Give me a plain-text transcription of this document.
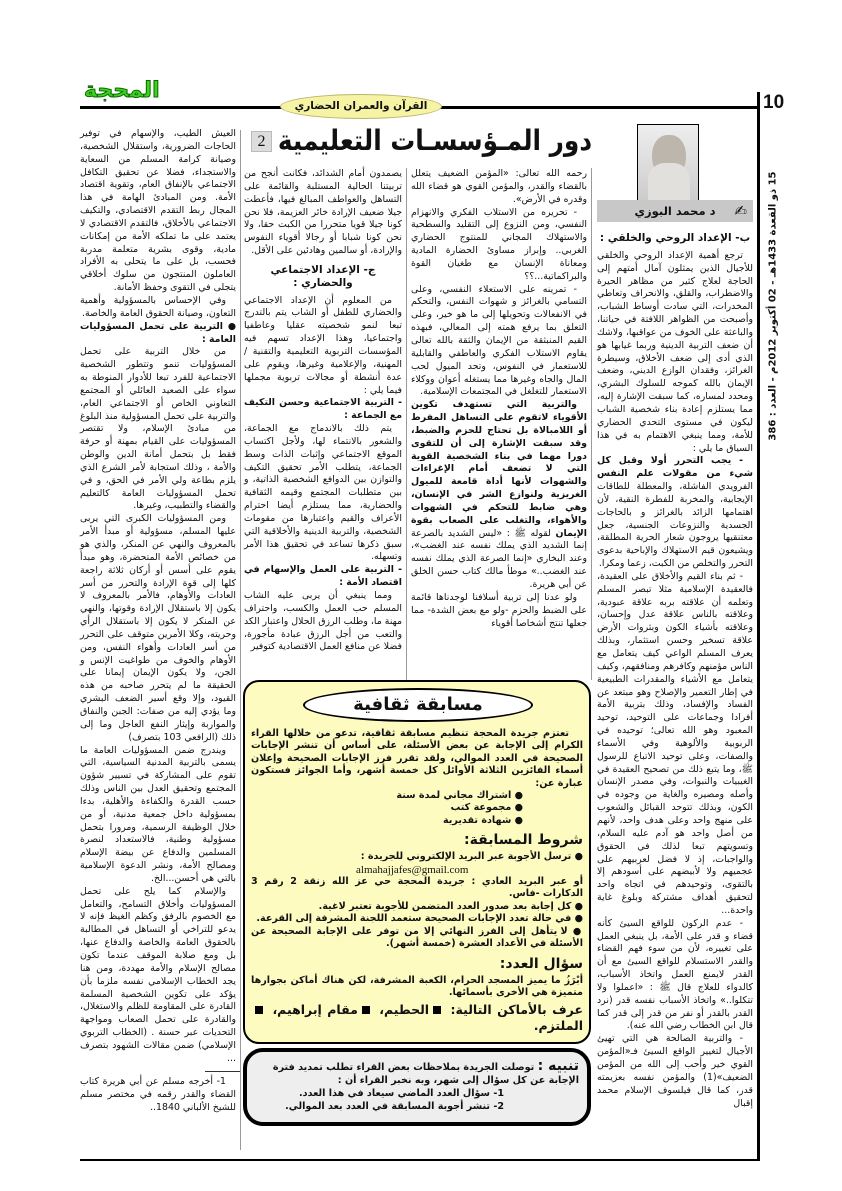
10
15 ذو القعدة 1433هـ - 02 أكتوبر 2012م - العدد : 386
المحجة
القرآن والعمران الحضاري
دور المـؤسسـات التعليمية
2
✍
د محمد البوزي

ب- الإعداد الروحي والخلقي :

ترجع أهمية الإعداد الروحي والخلقي للأجيال الذين يمثلون آمال أمتهم إلى الحاجة لعلاج كثير من مظاهر الحيرة والاضطراب، والقلق، والانحراف وتعاطي المخدرات، التي سادت أوساط الشباب، وأصبحت من الظواهر اللافتة في حياتنا، والباعثة على الخوف من عواقبها، ولاشك أن ضعف التربية الدينية وربما غيابها هو الذي أدى إلى ضعف الأخلاق، وسيطرة الغرائز، وفقدان الوازع الديني، وضعف الإيمان بالله كموجه للسلوك البشري، ومحدد لمساره، كما سبقت الإشارة إليه، مما يستلزم إعادة بناء شخصية الشباب ليكون في مستوى التحدي الحضاري للأمة، ومما ينبغي الاهتمام به في هذا السياق ما يلي :

- يجب التحرر أولا وقبل كل شيء من مقولات علم النفس الفرويدي الفاشلة، والمعطلة للطاقات الإيجابية، والمخربة للفطرة النقية، لأن اهتمامها الزائد بالغرائز و بالحاجات الجسدية والنزوعات الجنسية، جعل معتنقيها يروجون شعار الحرية المطلقة، ويشيعون قيم الاستهلاك والإباحية بدعوى التحرر والتخلص من الكبت، زعما ومكرا.

- ثم بناء القيم والأخلاق على العقيدة، فالعقيدة الإسلامية مثلا تبصر المسلم وتعلمه أن علاقته بربه علاقة عبودية، وعلاقته بالناس علاقة عدل وإحسان، وعلاقته بأشياء الكون وبثروات الأرض علاقة تسخير وحسن استثمار، وبذلك يعرف المسلم الواعي كيف يتعامل مع الناس مؤمنهم وكافرهم ومنافقهم، وكيف يتعامل مع الأشياء والمقدرات الطبيعية في إطار التعمير والإصلاح وهو مبتعد عن الفساد والإفساد، وذلك بتربية الأمة أفرادا وجماعات على التوحيد، توحيد المعبود وهو الله تعالى؛ توحيده في الربوبية والألوهية وفي الأسماء والصفات، وعلى توحيد الاتباع للرسول ﷺ، وما يتبع ذلك من تصحيح العقيدة في الغيبيات والنبوات، وفي مصدر الإنسان وأصله ومصيره والغاية من وجوده في الكون، وبذلك تتوحد القبائل والشعوب على منهج واحد وعلى هدف واحد، لأنهم من أصل واحد هو آدم عليه السلام، وتسويتهم تبعا لذلك في الحقوق والواجبات، إذ لا فضل لعربيهم على عجميهم ولا لأبيضهم على أسودهم إلا بالتقوى، وتوحيدهم في اتجاه واحد لتحقيق أهداف مشتركة وبلوغ غاية واحدة...

- عدم الركون للواقع السيئ كأنه قضاء و قدر على الأمة، بل ينبغي العمل على تغييره، لأن من سوء فهم القضاء والقدر الاستسلام للواقع السيئ مع أن القدر لايمنع العمل واتخاذ الأسباب، كالدواء للعلاج قال ﷺ : «اعملوا ولا تتكلوا..» واتخاذ الأسباب نفسه قدر (نرد القدر بالقدر أو نفر من قدر إلى قدر كما قال ابن الخطاب رضي الله عنه).

- والتربية الصالحة هي التي تهيئ الأجيال لتغيير الواقع السيئ فـ«المؤمن القوي خير وأحب إلى الله من المؤمن الضعيف»(1) والمؤمن نفسه بعزيمته قدر، كما قال فيلسوف الإسلام محمد إقبال

رحمه الله تعالى: «المؤمن الضعيف يتعلل بالقضاء والقدر، والمؤمن القوي هو قضاء الله وقدره في الأرض».

- تحريره من الاستلاب الفكري والانهزام النفسي، ومن النزوع إلى التقليد والسطحية والاستهلاك المجاني للمنتوج الحضاري الغربي.. وإبراز مساوئ الحضارة المادية ومعاناة الإنسان مع طغيان القوة والبراكماتية...؟؟

- تمرينه على الاستعلاء النفسي، وعلى التسامي بالغرائز و شهوات النفس، والتحكم في الانفعالات وتحويلها إلى ما هو خير، وعلى التعلق بما يرفع همته إلى المعالي، فبهذه القيم المنبثقة من الإيمان والثقة بالله تعالى يقاوم الاستلاب الفكري والعاطفي والقابلية للاستعمار في النفوس، وتحد الميول لحب المال والجاه وغيرها مما يستغله أعوان ووكلاء الاستعمار للتغلغل في المجتمعات الإسلامية.

والتربية التي تستهدف تكوين الأقوياء لاتقوم على التساهل المفرط أو اللامبالاة بل تحتاج للحزم والضبط، وقد سبقت الإشارة إلى أن للتقوى دورا مهما في بناء الشخصية القوية التي لا تضعف أمام الإغراءات والشهوات لأنها أداة قامعة للميول الغريزية ولنوازع الشر في الإنسان، وهي ضابط للتحكم في الشهوات والأهواء، والتغلب على الصعاب بقوة الإيمان لقوله ﷺ : «ليس الشديد بالصرعة إنما الشديد الذي يملك نفسه عند الغضب»، وعند البخاري «إنما الصرعة الذي يملك نفسه عند الغضب..» موطأ مالك كتاب حسن الخلق عن أبي هريرة.

ولو عدنا إلى تربية أسلافنا لوجدناها قائمة على الضبط والحزم -ولو مع بعض الشدة- مما جعلها تنتج أشخاصا أقوياء

يصمدون أمام الشدائد، فكانت أنجح من تربيتنا الحالية المستلبة والقائمة على التساهل والعواطف المبالغ فيها، فأعطت جيلا ضعيف الإرادة خائر العزيمة، فلا نحن كونا جيلا قويا متحررا من الكبت حقا، ولا نحن كونا شبابا أو رجالا أقوياء النفوس والإرادة، أو سالمين وهادئين على الأقل.

ج- الإعداد الاجتماعي والحضاري :

من المعلوم أن الإعداد الاجتماعي والحضاري للطفل أو الشاب يتم بالتدرج تبعا لنمو شخصيته عقليا وعاطفيا واجتماعيا، وهذا الإعداد تسهم فيه المؤسسات التربوية التعليمية والتقنية /المهنية، والإعلامية وغيرها، ويقوم على عدة أنشطة أو مجالات تربوية مجملها فيما يلي :

- التربية الاجتماعية وحسن التكيف مع الجماعة :

يتم ذلك بالاندماج مع الجماعة، والشعور بالانتماء لها، ولأجل اكتساب الموقع الاجتماعي وإثبات الذات وسط الجماعة، يتطلب الأمر تحقيق التكيف والتوازن بين الدوافع الشخصية الذاتية، و بين متطلبات المجتمع وقيمه الثقافية والحضارية، مما يستلزم أيضا احترام الأعراف والقيم واعتبارها من مقومات الشخصية، والتربية الدينية والأخلاقية التي سبق ذكرها تساعد في تحقيق هذا الأمر وتسهله.

- التربية على العمل والإسهام في اقتصاد الأمة :

ومما ينبغي أن يربى عليه الشاب المسلم حب العمل والكسب، واحتراف مهنة ما، وطلب الرزق الحلال واعتبار الكد والتعب من أجل الرزق عبادة مأجورة، فضلا عن منافع العمل الاقتصادية كتوفير

العيش الطيب، والإسهام في توفير الحاجات الضرورية، واستقلال الشخصية، وصيانة كرامة المسلم من السعاية والاستجداء، فضلا عن تحقيق التكافل الاجتماعي بالإنفاق العام، وتقوية اقتصاد الأمة. ومن المبادئ الهامة في هذا المجال ربط التقدم الاقتصادي، والتكيف الاجتماعي بالأخلاق، فالتقدم الاقتصادي لا يعتمد على ما تملكه الأمة من إمكانات مادية، وقوى بشرية متعلمة مدربة فحسب، بل على ما يتحلى به الأفراد العاملون المنتجون من سلوك أخلاقي يتجلى في التقوى وحفظ الأمانة.

وفي الإحساس بالمسؤولية وأهمية التعاون، وصيانة الحقوق العامة والخاصة.

● التربية على تحمل المسؤوليات العامة :

من خلال التربية على تحمل المسؤوليات تنمو وتتطور الشخصية الاجتماعية للفرد تبعا للأدوار المنوطة به سواء على الصعيد العائلي أو المجتمع التعاوني الخاص أو الاجتماعي العام، والتربية على تحمل المسؤولية منذ البلوغ من مبادئ الإسلام، ولا تقتصر المسؤوليات على القيام بمهنة أو حرفة فقط بل بتحمل أمانة الدين والوطن والأمة ، وذلك استجابة لأمر الشرع الذي يلزم بطاعة ولي الأمر في الحق، و في تحمل المسؤوليات العامة كالتعليم والقضاء والتطبيب، وغيرها.

ومن المسؤوليات الكبرى التي يربى عليها المسلم، مسؤولية أو مبدأ الأمر بالمعروف والنهي عن المنكر، والذي هو من خصائص الأمة المتحضرة، وهو مبدأ يقوم على أسس أو أركان ثلاثة راجعة كلها إلى قوة الإرادة والتحرر من أسر العادات والأوهام، فالأمر بالمعروف لا يكون إلا باستقلال الإرادة وقوتها، والنهي عن المنكر لا يكون إلا باستقلال الرأي وحريته، وكلا الأمرين متوقف على التحرر من أسر العادات وأهواء النفس، ومن الأوهام والخوف من طواغيت الإنس و الجن، ولا يكون الإيمان إيمانا على الحقيقة ما لم يتحرر صاحبه من هذه القيود، وإلا وقع أسير الضعف البشري وما يؤدي إليه من صفات: الجبن والنفاق والمواربة وإيثار النفع العاجل وما إلى ذلك (الرافعي 103 بتصرف)

ويندرج ضمن المسؤوليات العامة ما يسمى بالتربية المدنية السياسية، التي تقوم على المشاركة في تسيير شؤون المجتمع وتحقيق العدل بين الناس وذلك حسب القدرة والكفاءة والأهلية، بدءا بمسؤولية داخل جمعية مدنية، أو من خلال الوظيفة الرسمية، ومرورا بتحمل مسؤولية وطنية، فالاستعداد لنصرة المسلمين والدفاع عن بيضة الإسلام ومصالح الأمة، ونشر الدعوة الإسلامية بالتي هي أحسن...الخ.

والإسلام كما يلح على تحمل المسؤوليات وأخلاق التسامح، والتعامل مع الخصوم بالرفق وكظم الغيظ فإنه لا يدعو للتراخي أو التساهل في المطالبة بالحقوق العامة والخاصة والدفاع عنها، بل ومع صلابة الموقف عندما تكون مصالح الإسلام والأمة مهددة، ومن هنا يجد الخطاب الإسلامي نفسه ملزما بأن يؤكد على تكوين الشخصية المسلمة القادرة على المقاومة للظلم والاستغلال، والقادرة على تحمل الصعاب ومواجهة التحديات عبر حسنة . (الخطاب التربوي الإسلامي) ضمن مقالات الشهود بتصرف ...

1- أخرجه مسلم عن أبي هريرة كتاب القضاء والقدر رقمه في مختصر مسلم للشيخ الألباني 1840..

مسابقة ثقافية

تعتزم جريدة المحجة تنظيم مسابقة ثقافية، تدعو من خلالها القراء الكرام إلى الإجابة عن بعض الأسئلة، على أساس أن تنشر الإجابات الصحيحة في العدد الموالي، ولقد تقرر فرز الإجابات الصحيحة وإعلان أسماء الفائزين الثلاثة الأوائل كل خمسة أشهر، وأما الجوائز فستكون عبارة عن:

● اشتراك مجاني لمدة سنة

● مجموعة كتب

● شهادة تقديرية

شروط المسابقة:

● ترسل الأجوبة عبر البريد الإلكتروني للجريدة :

almahajjafes@gmail.com

أو عبر البريد العادي : جريدة المحجة حي عز الله زنقة 2 رقم 3 الدكارات -فاس.

● كل إجابة بعد صدور العدد المتضمن للأجوبة تعتبر لاغية.

● في حالة تعدد الإجابات الصحيحة ستعمد اللجنة المشرفة إلى القرعة.

● لا يتأهل إلى الفرز النهائي إلا من توفر على الإجابة الصحيحة عن الأسئلة في الأعداد العشرة (خمسة أشهر).

سؤال العدد:

أبْرَزُ ما يميز المسجد الحرام، الكعبة المشرفة، لكن هناك أماكن بجوارها متميزة هي الأخرى بأسمائها.

عرف بالأماكن التالية: الحطيم، مقام إبراهيم، الملتزم.

تنبيه : توصلت الجريدة بملاحظات بعض القراء تطلب تمديد فترة الإجابة عن كل سؤال إلى شهر، وبه نخبر القراء أن :

1- سؤال العدد الماضي سيعاد في هذا العدد.

2- تنشر أجوبة المسابقة في العدد بعد الموالي.
